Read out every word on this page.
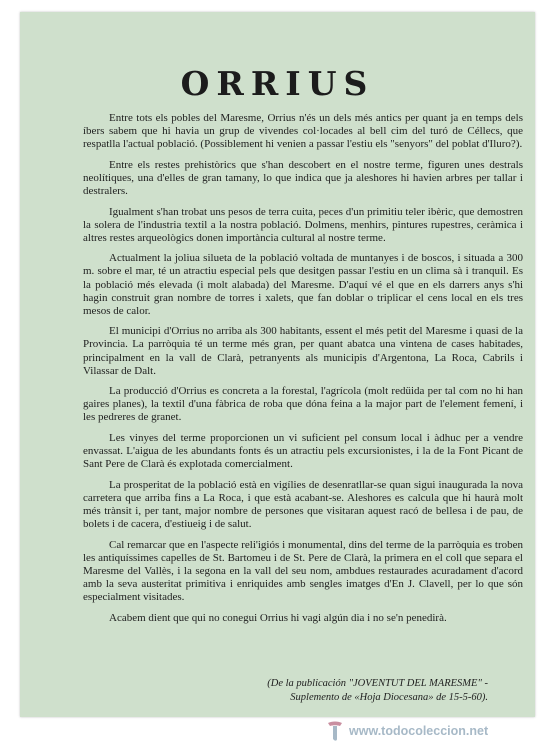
ORRIUS

Entre tots els pobles del Maresme, Orrius n'és un dels més antics per quant ja en temps dels íbers sabem que hi havia un grup de vivendes col·locades al bell cim del turó de Céllecs, que respatlla l'actual població. (Possiblement hi venien a passar l'estiu els "senyors" del poblat d'Iluro?).

Entre els restes prehistòrics que s'han descobert en el nostre terme, figuren unes destrals neolítiques, una d'elles de gran tamany, lo que indica que ja aleshores hi havien arbres per tallar i destralers.

Igualment s'han trobat uns pesos de terra cuita, peces d'un primitiu teler ibèric, que demostren la solera de l'industria textil a la nostra població. Dolmens, menhirs, pintures rupestres, ceràmica i altres restes arqueològics donen importància cultural al nostre terme.

Actualment la joliua silueta de la població voltada de muntanyes i de boscos, i situada a 300 m. sobre el mar, té un atractiu especial pels que desitgen passar l'estiu en un clima sà i tranquil. Es la població més elevada (i molt alabada) del Maresme. D'aquí vé el que en els darrers anys s'hi hagin construit gran nombre de torres i xalets, que fan doblar o triplicar el cens local en els tres mesos de calor.

El municipi d'Orrius no arriba als 300 habitants, essent el més petit del Maresme i quasi de la Provincia. La parròquia té un terme més gran, per quant abatca una vintena de cases habitades, principalment en la vall de Clarà, petranyents als municipis d'Argentona, La Roca, Cabrils i Vilassar de Dalt.

La producció d'Orrius es concreta a la forestal, l'agrícola (molt redüida per tal com no hi han gaires planes), la textil d'una fàbrica de roba que dóna feina a la major part de l'element femení, i les pedreres de granet.

Les vinyes del terme proporcionen un vi suficient pel consum local i àdhuc per a vendre envassat. L'aigua de les abundants fonts és un atractiu pels excursionistes, i la de la Font Picant de Sant Pere de Clarà és explotada comercialment.

La prosperitat de la població està en vigílies de desenratllar-se quan sigui inaugurada la nova carretera que arriba fins a La Roca, i que està acabant-se. Aleshores es calcula que hi haurà molt més trànsit i, per tant, major nombre de persones que visitaran aquest racó de bellesa i de pau, de bolets i de cacera, d'estiueig i de salut.

Cal remarcar que en l'aspecte reli'igiós i monumental, dins del terme de la parròquia es troben les antiquíssimes capelles de St. Bartomeu i de St. Pere de Clarà, la primera en el coll que separa el Maresme del Vallès, i la segona en la vall del seu nom, ambdues restaurades acuradament d'acord amb la seva austeritat primitiva i enriquides amb sengles imatges d'En J. Clavell, per lo que són especialment visitades.

Acabem dient que qui no conegui Orrius hi vagi algún dia i no se'n penedirà.

(De la publicación "JOVENTUT DEL MARESME" -
Suplemento de «Hoja Diocesana» de 15-5-60).
www.todocoleccion.net
